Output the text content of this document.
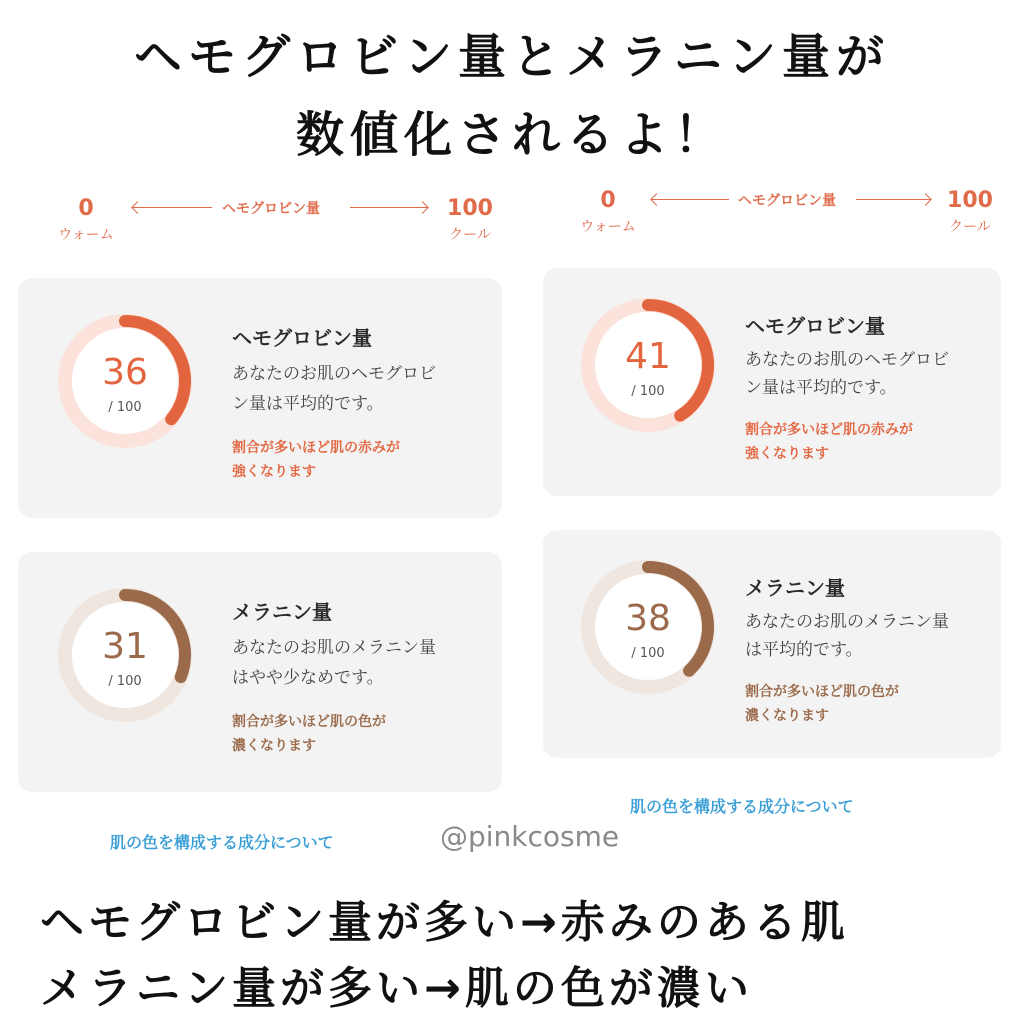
ヘモグロビン量とメラニン量が
数値化されるよ！
0
ウォーム
ヘモグロビン量	100
クール
0
ウォーム
ヘモグロビン量	100
クール
36
/ 100
ヘモグロビン量
あなたのお肌のヘモグロビ
ン量は平均的です。
割合が多いほど肌の赤みが
強くなります
31
/ 100
メラニン量
あなたのお肌のメラニン量
はやや少なめです。
割合が多いほど肌の色が
濃くなります
41
/ 100
ヘモグロビン量
あなたのお肌のヘモグロビ
ン量は平均的です。
割合が多いほど肌の赤みが
強くなります
38
/ 100
メラニン量
あなたのお肌のメラニン量
は平均的です。
割合が多いほど肌の色が
濃くなります
肌の色を構成する成分について
肌の色を構成する成分について	@pinkcosme
ヘモグロビン量が多い→赤みのある肌
メラニン量が多い→肌の色が濃い
